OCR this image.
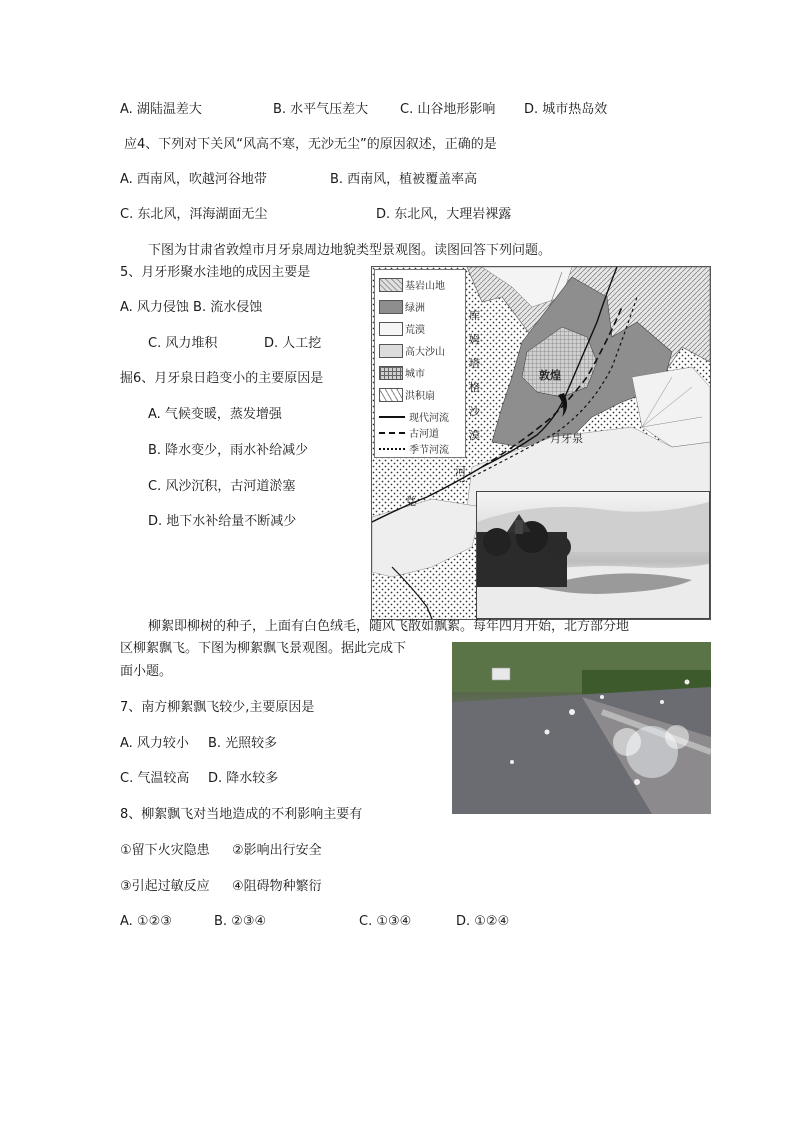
A. 湖陆温差大	B. 水平气压差大 C. 山谷地形影响 D. 城市热岛效
应4、下列对下关风“风高不寒，无沙无尘”的原因叙述，正确的是
A. 西南风，吹越河谷地带	B. 西南风，植被覆盖率高
C. 东北风，洱海湖面无尘	D. 东北风，大理岩裸露
下图为甘肃省敦煌市月牙泉周边地貌类型景观图。读图回答下列问题。
5、月牙形聚水洼地的成因主要是
A. 风力侵蚀 B. 流水侵蚀
C. 风力堆积	D. 人工挖
掘6、月牙泉日趋变小的主要原因是
A. 气候变暖，蒸发增强
B. 降水变少，雨水补给减少
C. 风沙沉积，古河道淤塞
D. 地下水补给量不断减少
基岩山地
绿洲
荒漠
高大沙山
城市
洪积扇
现代河流
古河道
季节河流
库
姆
塔
格
沙
漠
敦煌
月牙泉
党
河
柳絮即柳树的种子，上面有白色绒毛，随风飞散如飘絮。每年四月开始，北方部分地
区柳絮飘飞。下图为柳絮飘飞景观图。据此完成下
面小题。
7、南方柳絮飘飞较少,主要原因是
A. 风力较小 B. 光照较多
C. 气温较高 D. 降水较多
8、柳絮飘飞对当地造成的不利影响主要有
①留下火灾隐患 ②影响出行安全
③引起过敏反应 ④阻碍物种繁衍
A. ①②③	B. ②③④	C. ①③④	D. ①②④
